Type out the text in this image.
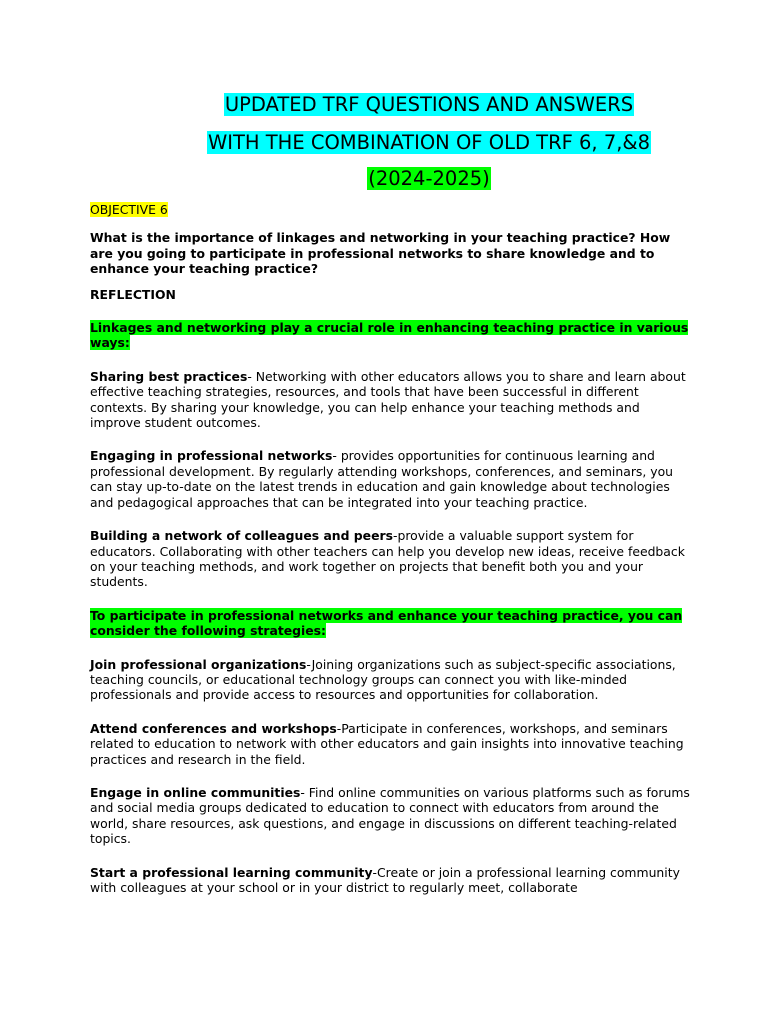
UPDATED TRF QUESTIONS AND ANSWERS
WITH THE COMBINATION OF OLD TRF 6, 7,&8
(2024-2025)

OBJECTIVE 6

What is the importance of linkages and networking in your teaching practice? How are you going to participate in professional networks to share knowledge and to enhance your teaching practice?

REFLECTION

Linkages and networking play a crucial role in enhancing teaching practice in various ways:

Sharing best practices- Networking with other educators allows you to share and learn about effective teaching strategies, resources, and tools that have been successful in different contexts. By sharing your knowledge, you can help enhance your teaching methods and improve student outcomes.

Engaging in professional networks- provides opportunities for continuous learning and professional development. By regularly attending workshops, conferences, and seminars, you can stay up-to-date on the latest trends in education and gain knowledge about technologies and pedagogical approaches that can be integrated into your teaching practice.

Building a network of colleagues and peers-provide a valuable support system for educators. Collaborating with other teachers can help you develop new ideas, receive feedback on your teaching methods, and work together on projects that benefit both you and your students.

To participate in professional networks and enhance your teaching practice, you can consider the following strategies:

Join professional organizations-Joining organizations such as subject-specific associations, teaching councils, or educational technology groups can connect you with like-minded professionals and provide access to resources and opportunities for collaboration.

Attend conferences and workshops-Participate in conferences, workshops, and seminars related to education to network with other educators and gain insights into innovative teaching practices and research in the field.

Engage in online communities- Find online communities on various platforms such as forums and social media groups dedicated to education to connect with educators from around the world, share resources, ask questions, and engage in discussions on different teaching-related topics.

Start a professional learning community-Create or join a professional learning community with colleagues at your school or in your district to regularly meet, collaborate
